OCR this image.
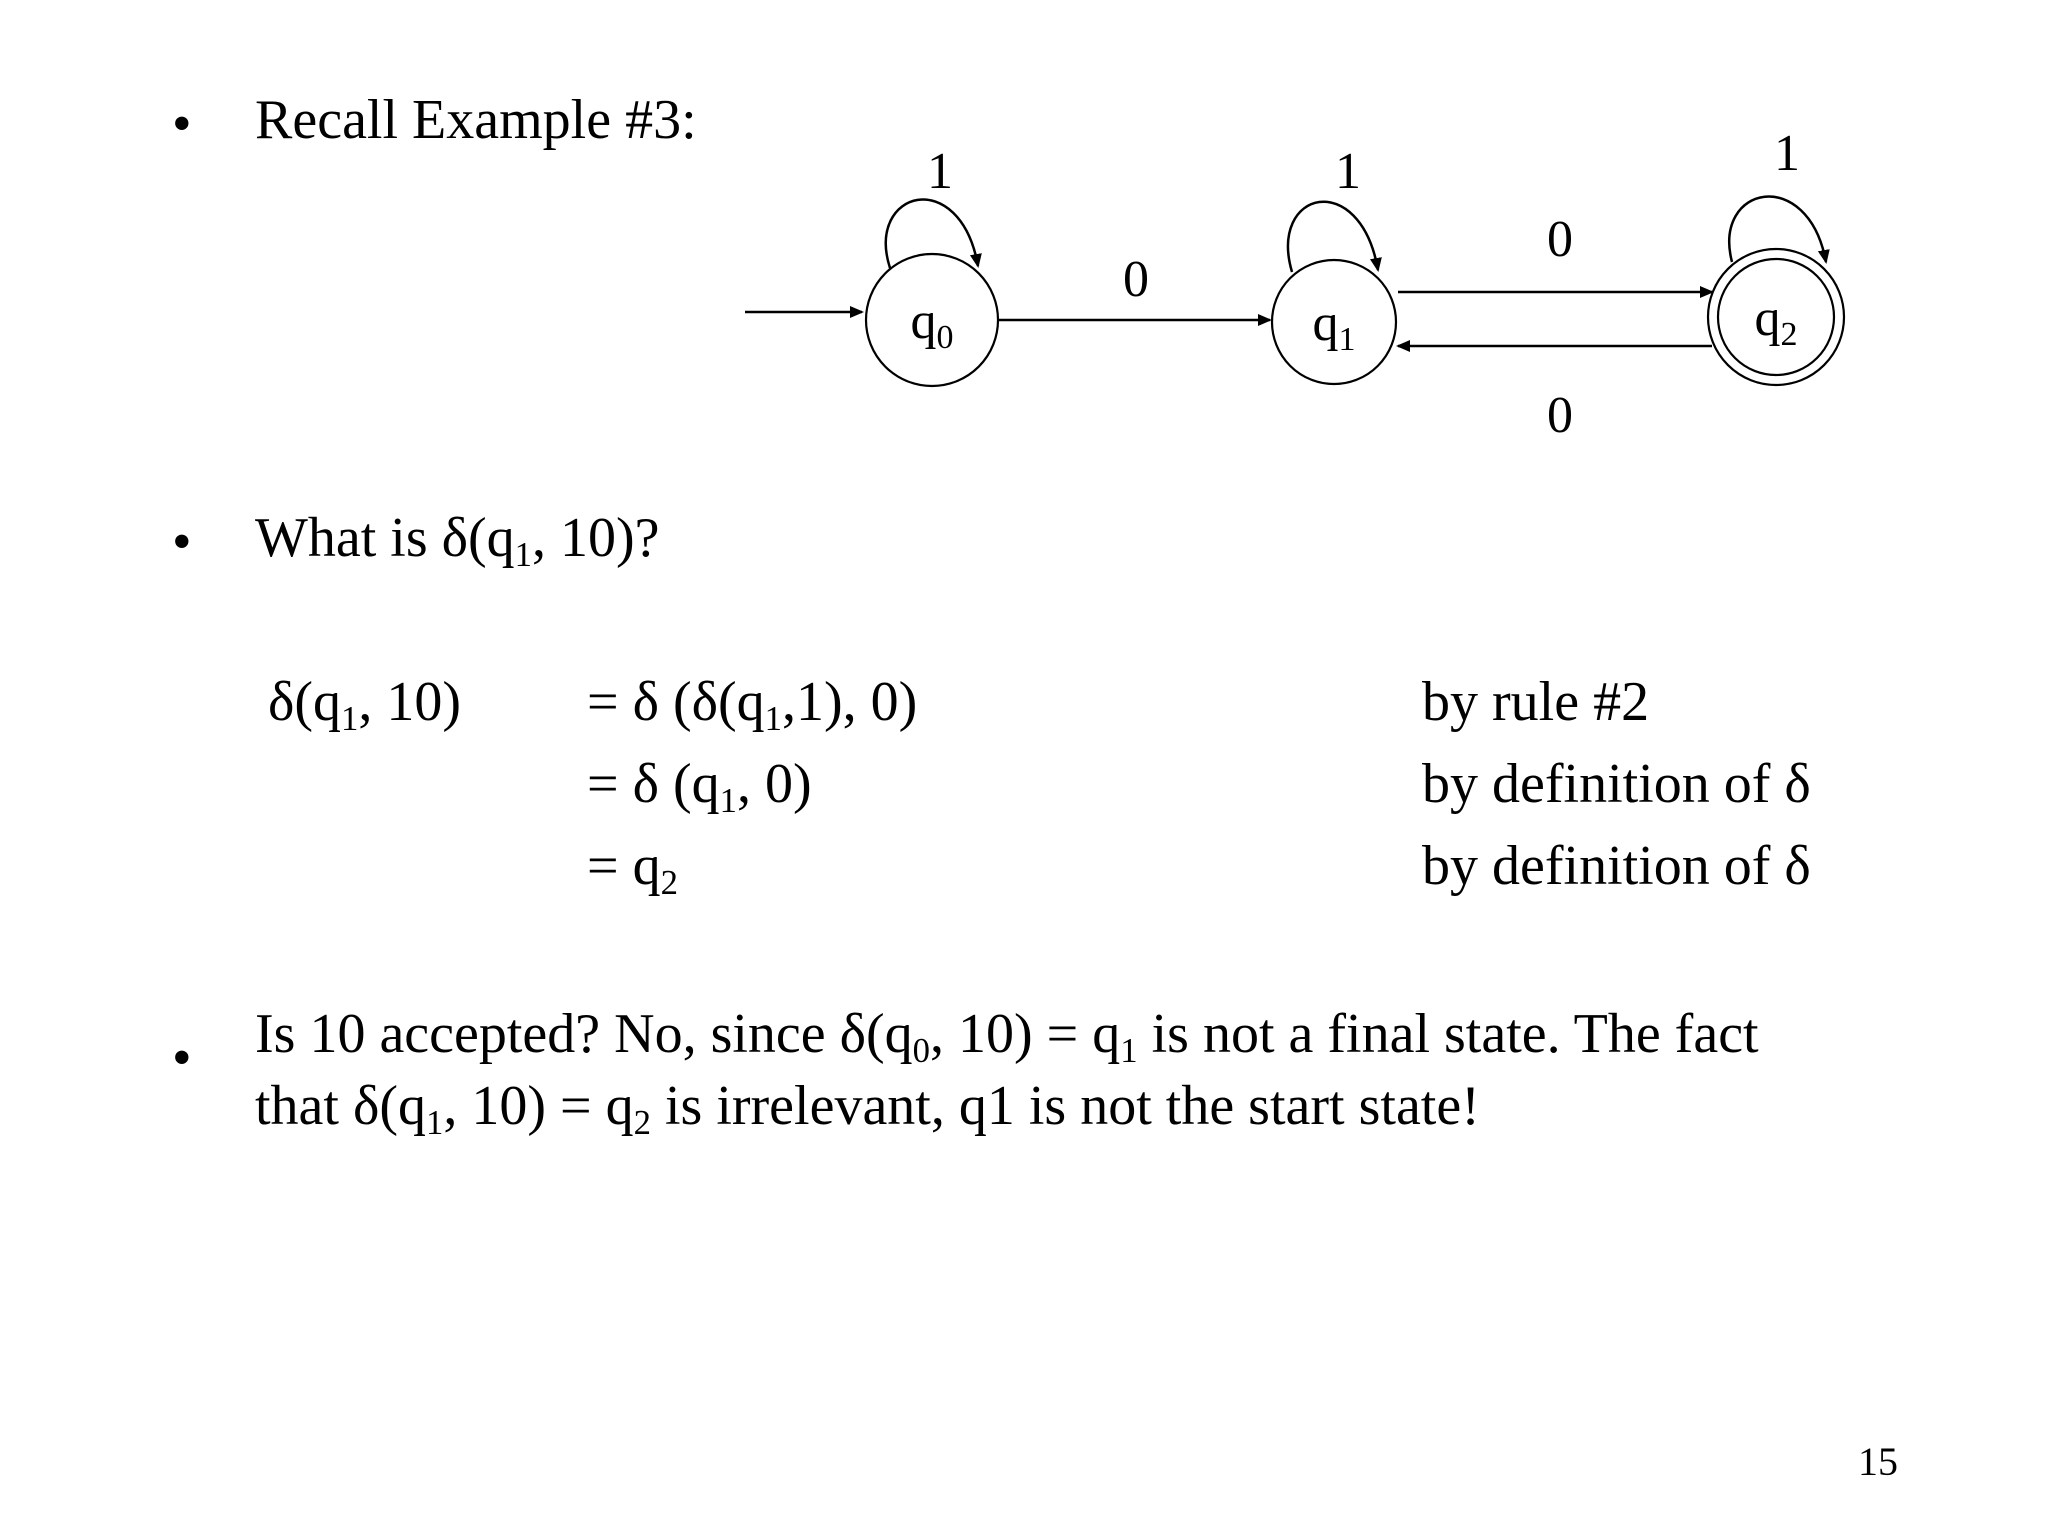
• Recall Example #3:
q0	q1	q2
1
0
1
0
0
1
• What is δ(q1, 10)?
δ(q1, 10) = δ (δ(q1,1), 0)	by rule #2
= δ (q1, 0)	by definition of δ
= q2	by definition of δ
• Is 10 accepted? No, since δ(q0, 10) = q1 is not a final state. The fact
that δ(q1, 10) = q2 is irrelevant, q1 is not the start state!
15
